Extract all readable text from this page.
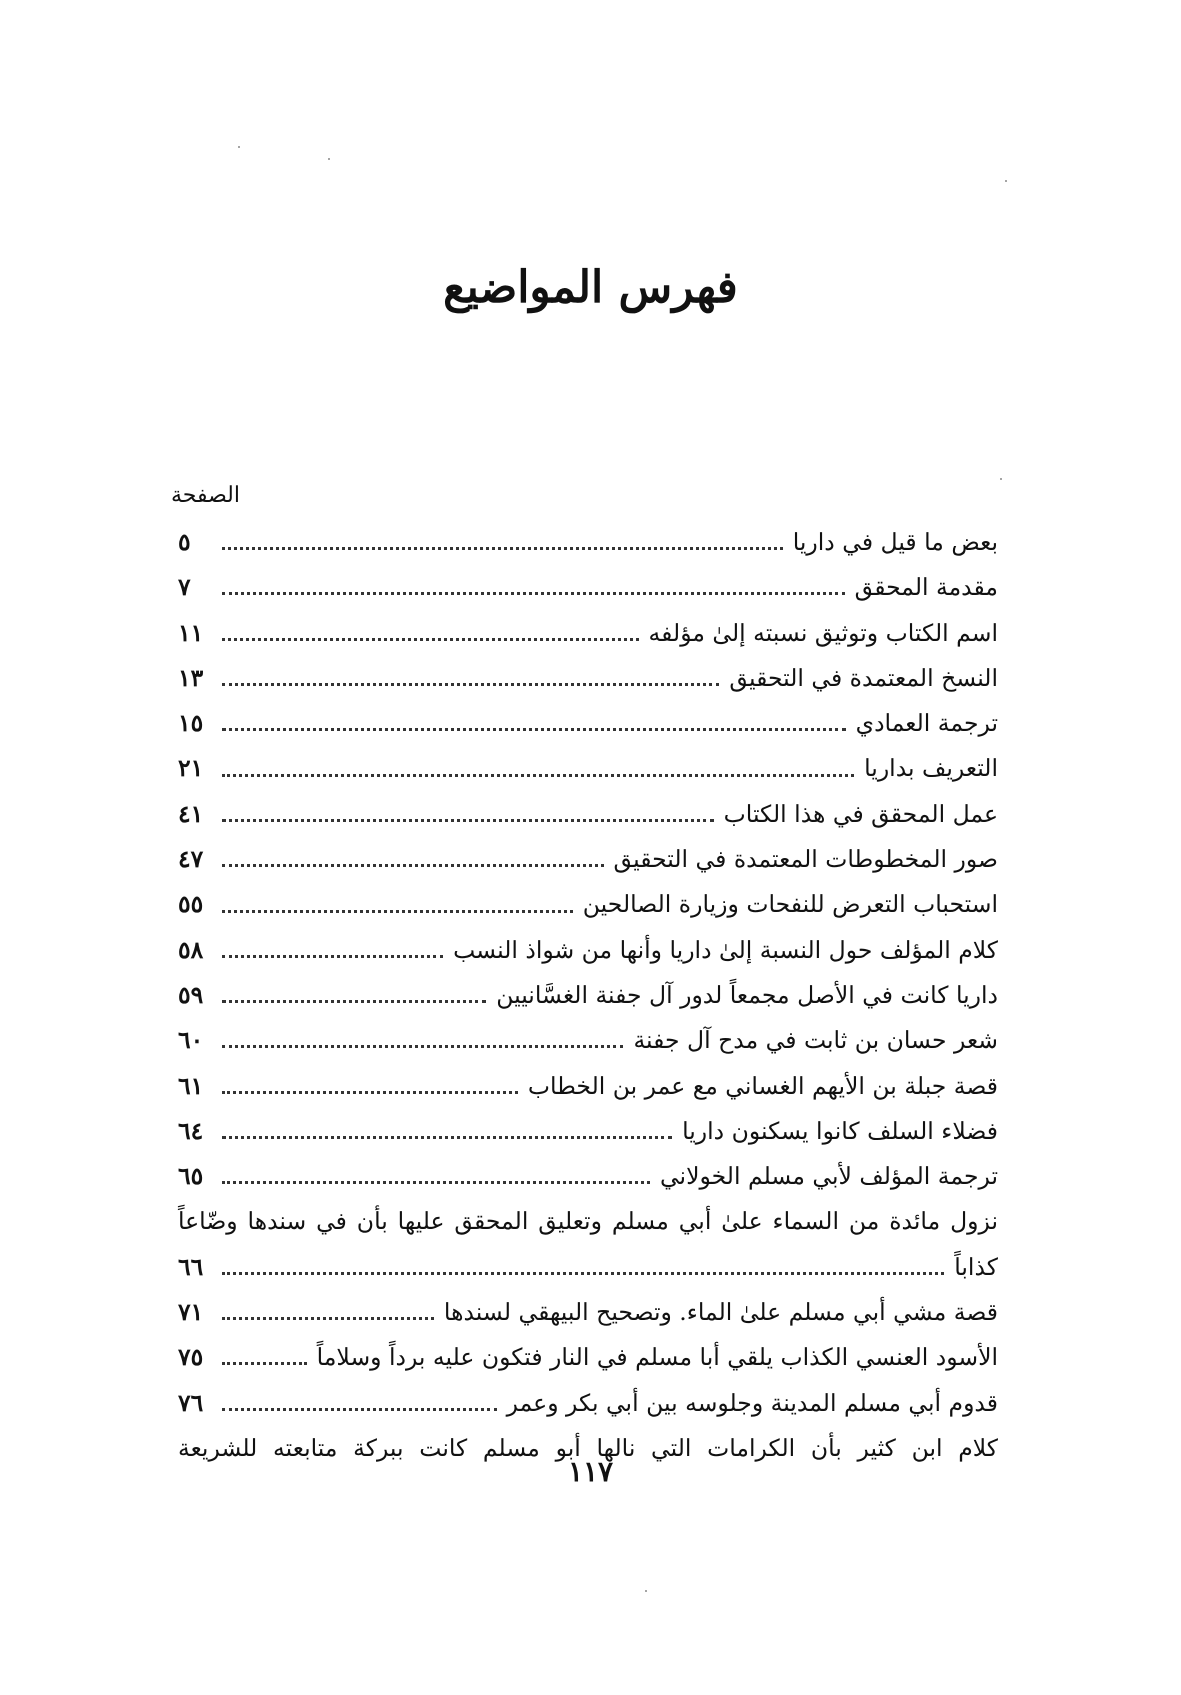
فهرس المواضيع
الصفحة
بعض ما قيل في داريا
٥
مقدمة المحقق
٧
اسم الكتاب وتوثيق نسبته إلىٰ مؤلفه
١١
النسخ المعتمدة في التحقيق
١٣
ترجمة العمادي
١٥
التعريف بداريا
٢١
عمل المحقق في هذا الكتاب
٤١
صور المخطوطات المعتمدة في التحقيق
٤٧
استحباب التعرض للنفحات وزيارة الصالحين
٥٥
كلام المؤلف حول النسبة إلىٰ داريا وأنها من شواذ النسب
٥٨
داريا كانت في الأصل مجمعاً لدور آل جفنة الغسَّانيين
٥٩
شعر حسان بن ثابت في مدح آل جفنة
٦٠
قصة جبلة بن الأيهم الغساني مع عمر بن الخطاب
٦١
فضلاء السلف كانوا يسكنون داريا
٦٤
ترجمة المؤلف لأبي مسلم الخولاني
٦٥
نزول مائدة من السماء علىٰ أبي مسلم وتعليق المحقق عليها بأن في سندها وضّاعاً
كذاباً
٦٦
قصة مشي أبي مسلم علىٰ الماء. وتصحيح البيهقي لسندها
٧١
الأسود العنسي الكذاب يلقي أبا مسلم في النار فتكون عليه برداً وسلاماً
٧٥
قدوم أبي مسلم المدينة وجلوسه بين أبي بكر وعمر
٧٦
كلام ابن كثير بأن الكرامات التي نالها أبو مسلم كانت ببركة متابعته للشريعة
١١٧
